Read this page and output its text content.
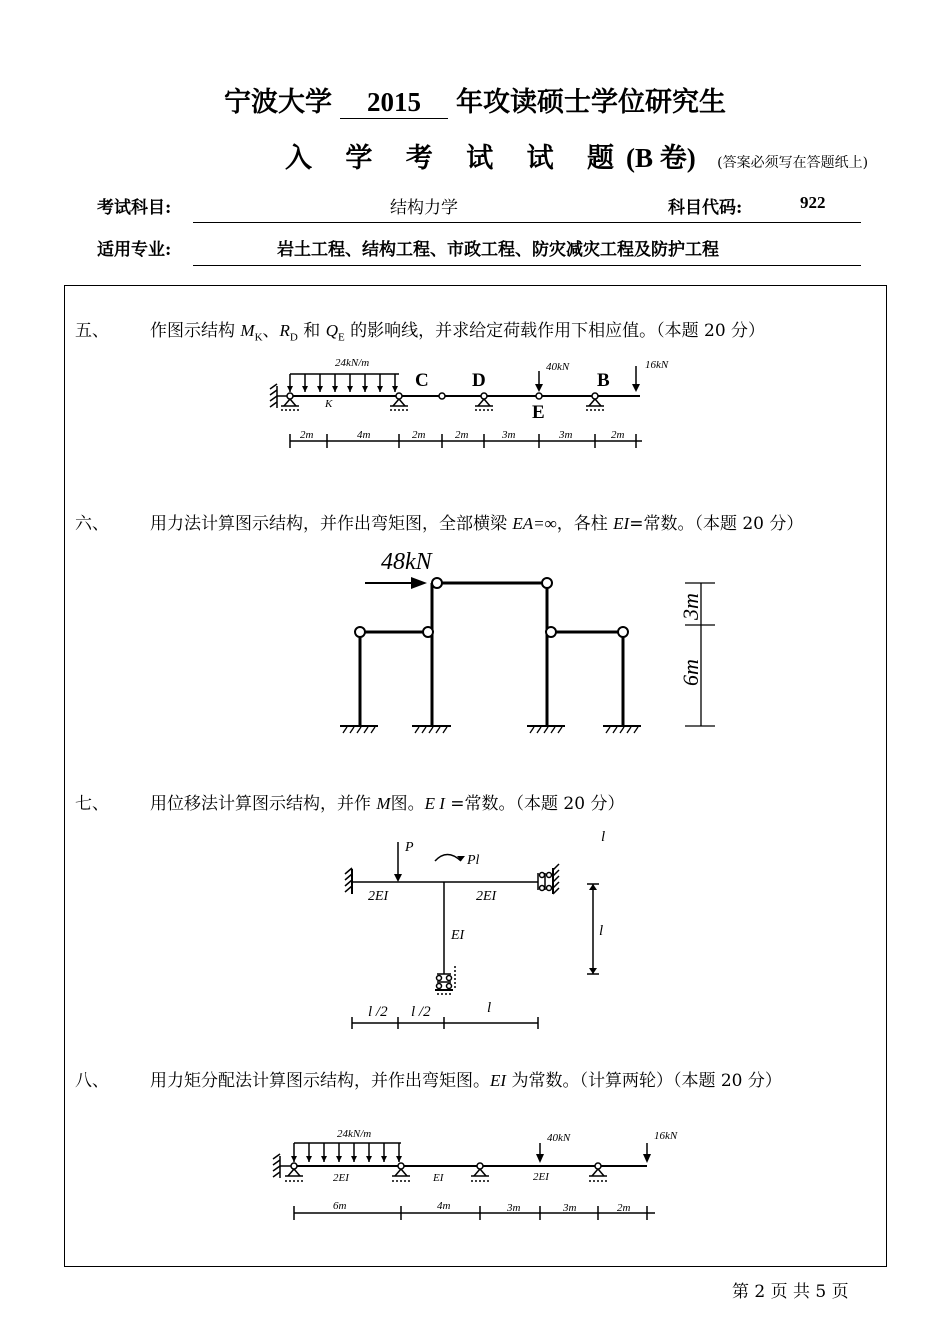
宁波大学 2015 年攻读硕士学位研究生
入 学 考 试 试 题(B 卷) (答案必须写在答题纸上)
考试科目:	结构力学	科目代码:	922
适用专业:	岩土工程、结构工程、市政工程、防灾减灾工程及防护工程
五、 作图示结构 $M_K$、$R_D$ 和 $Q_E$ 的影响线，并求给定荷载作用下相应值。（本题 20 分）
24kN/m	40kN	16kN
C D
E
B
K
2m	4m	2m	2m	3m	3m	2m
48kN
3m
6m
P
Pl
2EI	2EI
EI
l
l
l /2 l /2	l
24kN/m	40kN	16kN
2EI	EI	2EI
6m	4m	3m	3m	2m
六、 用力法计算图示结构，并作出弯矩图，全部横梁 EA=∞，各柱 EI=常数。（本题 20 分）
七、 用位移法计算图示结构，并作 M图。E I =常数。（本题 20 分）
八、 用力矩分配法计算图示结构，并作出弯矩图。EI 为常数。（计算两轮）（本题 20 分）
第 2 页 共 5 页
